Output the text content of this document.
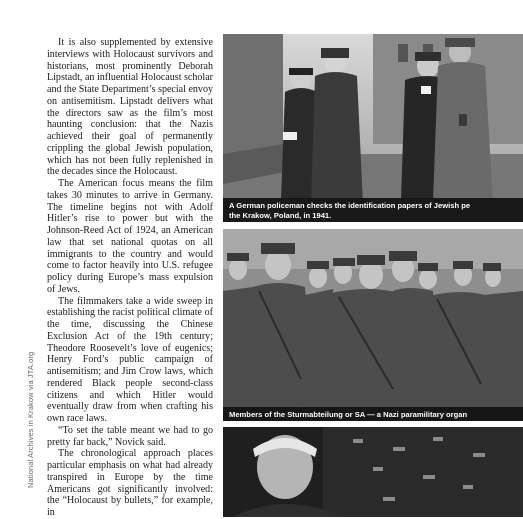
National Archives in Krakow via JTA.org

It is also supplemented by extensive interviews with Holocaust survivors and historians, most prominently Deborah Lipstadt, an influential Holocaust scholar and the State Department’s special envoy on antisemitism. Lipstadt delivers what the directors saw as the film’s most haunting conclusion: that the Nazis achieved their goal of permanently crippling the global Jewish population, which has not been fully replenished in the decades since the Holocaust.

The American focus means the film takes 30 minutes to arrive in Germany. The timeline begins not with Adolf Hitler’s rise to power but with the Johnson-Reed Act of 1924, an American law that set national quotas on all immigrants to the country and would come to factor heavily into U.S. refugee policy during Europe’s mass expulsion of Jews.

The filmmakers take a wide sweep in establishing the racist political climate of the time, discussing the Chinese Exclusion Act of the 19th century; Theodore Roosevelt’s love of eugenics; Henry Ford’s public campaign of antisemitism; and Jim Crow laws, which rendered Black people second-class citizens and which Hitler would eventually draw from when crafting his own race laws.

“To set the table meant we had to go pretty far back,” Novick said.

The chronological approach places particular emphasis on what had already transpired in Europe by the time Americans got significantly involved: the “Holocaust by bullets,” for example, in

A German policeman checks the identification papers of Jewish pe
the Krakow, Poland, in 1941.
Members of the Sturmabteilung or SA — a Nazi paramilitary organ
